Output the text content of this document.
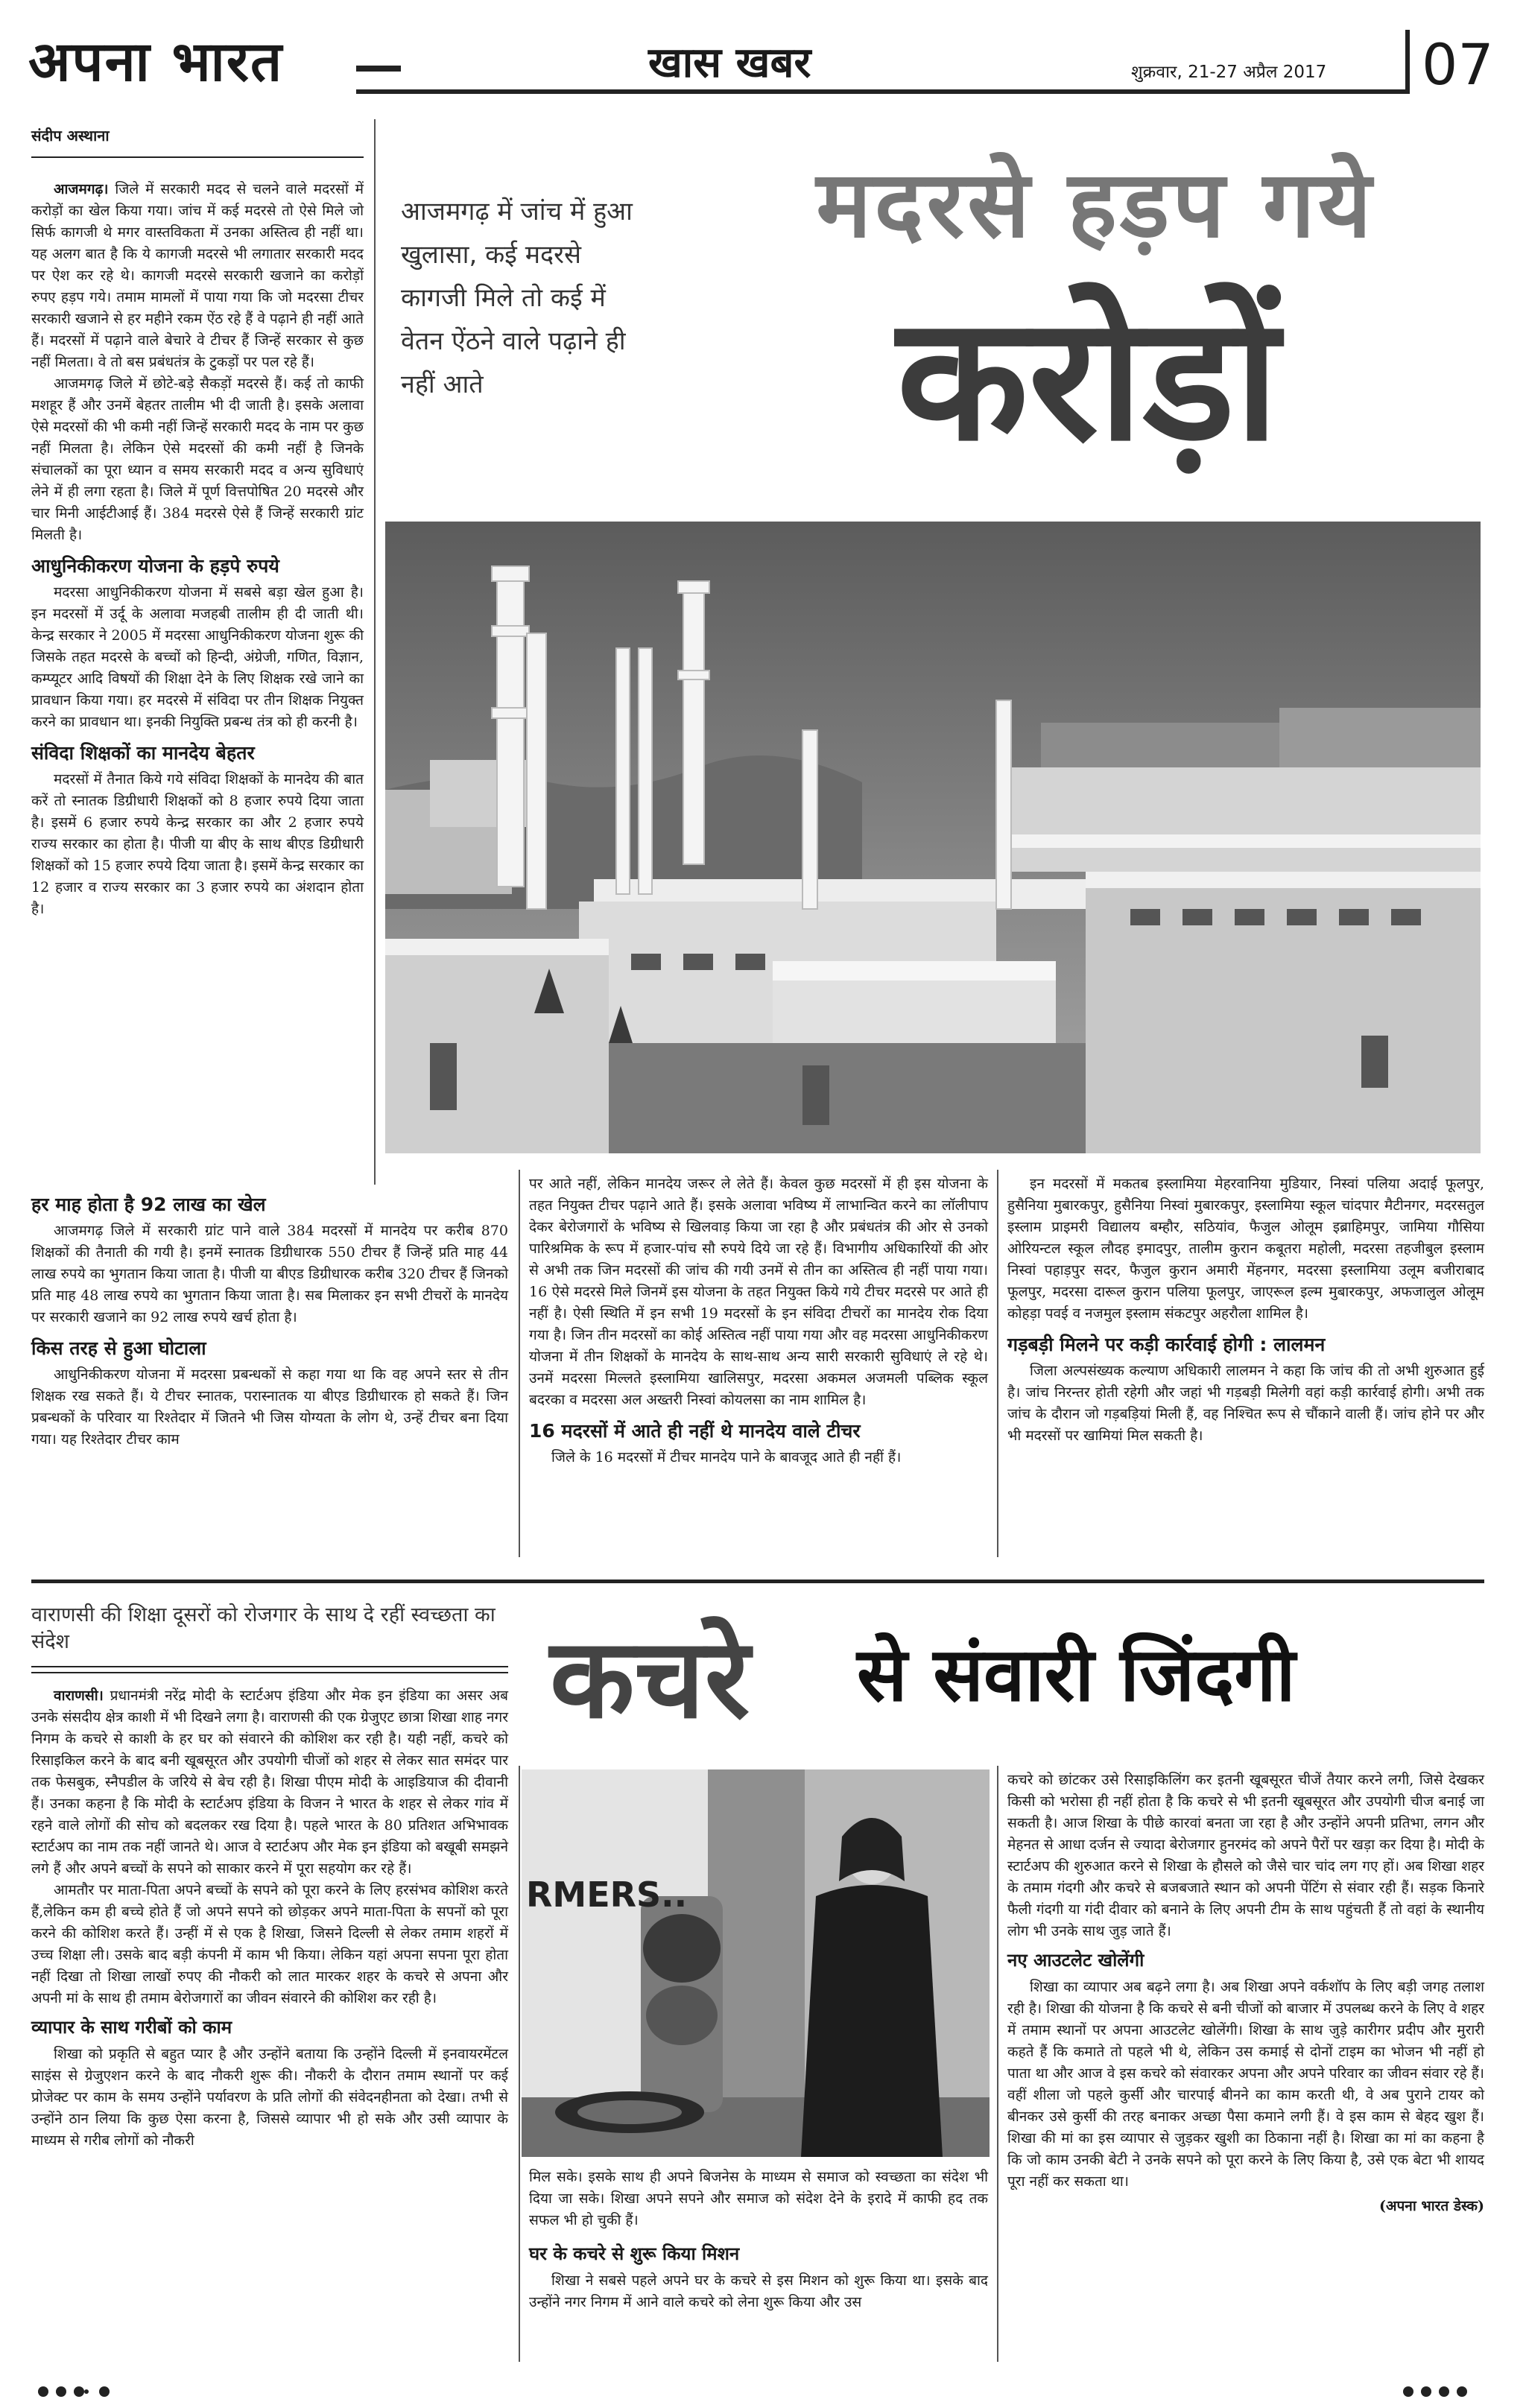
अपना भारत	खास खबर	शुक्रवार, 21-27 अप्रैल 2017 07
संदीप अस्थाना
आजमगढ़ में जांच में हुआ खुलासा, कई मदरसे कागजी मिले तो कई में वेतन ऐंठने वाले पढ़ाने ही नहीं आते
मदरसे हड़प गये
करोड़ों

आजमगढ़। जिले में सरकारी मदद से चलने वाले मदरसों में करोड़ों का खेल किया गया। जांच में कई मदरसे तो ऐसे मिले जो सिर्फ कागजी थे मगर वास्तविकता में उनका अस्तित्व ही नहीं था। यह अलग बात है कि ये कागजी मदरसे भी लगातार सरकारी मदद पर ऐश कर रहे थे। कागजी मदरसे सरकारी खजाने का करोड़ों रुपए हड़प गये। तमाम मामलों में पाया गया कि जो मदरसा टीचर सरकारी खजाने से हर महीने रकम ऐंठ रहे हैं वे पढ़ाने ही नहीं आते हैं। मदरसों में पढ़ाने वाले बेचारे वे टीचर हैं जिन्हें सरकार से कुछ नहीं मिलता। वे तो बस प्रबंधतंत्र के टुकड़ों पर पल रहे हैं।

आजमगढ़ जिले में छोटे-बड़े सैकड़ों मदरसे हैं। कई तो काफी मशहूर हैं और उनमें बेहतर तालीम भी दी जाती है। इसके अलावा ऐसे मदरसों की भी कमी नहीं जिन्हें सरकारी मदद के नाम पर कुछ नहीं मिलता है। लेकिन ऐसे मदरसों की कमी नहीं है जिनके संचालकों का पूरा ध्यान व समय सरकारी मदद व अन्य सुविधाएं लेने में ही लगा रहता है। जिले में पूर्ण वित्तपोषित 20 मदरसे और चार मिनी आईटीआई हैं। 384 मदरसे ऐसे हैं जिन्हें सरकारी ग्रांट मिलती है।

आधुनिकीकरण योजना के हड़पे रुपये

मदरसा आधुनिकीकरण योजना में सबसे बड़ा खेल हुआ है। इन मदरसों में उर्दू के अलावा मजहबी तालीम ही दी जाती थी। केन्द्र सरकार ने 2005 में मदरसा आधुनिकीकरण योजना शुरू की जिसके तहत मदरसे के बच्चों को हिन्दी, अंग्रेजी, गणित, विज्ञान, कम्प्यूटर आदि विषयों की शिक्षा देने के लिए शिक्षक रखे जाने का प्रावधान किया गया। हर मदरसे में संविदा पर तीन शिक्षक नियुक्त करने का प्रावधान था। इनकी नियुक्ति प्रबन्ध तंत्र को ही करनी है।

संविदा शिक्षकों का मानदेय बेहतर

मदरसों में तैनात किये गये संविदा शिक्षकों के मानदेय की बात करें तो स्नातक डिग्रीधारी शिक्षकों को 8 हजार रुपये दिया जाता है। इसमें 6 हजार रुपये केन्द्र सरकार का और 2 हजार रुपये राज्य सरकार का होता है। पीजी या बीए के साथ बीएड डिग्रीधारी शिक्षकों को 15 हजार रुपये दिया जाता है। इसमें केन्द्र सरकार का 12 हजार व राज्य सरकार का 3 हजार रुपये का अंशदान होता है।

हर माह होता है 92 लाख का खेल

आजमगढ़ जिले में सरकारी ग्रांट पाने वाले 384 मदरसों में मानदेय पर करीब 870 शिक्षकों की तैनाती की गयी है। इनमें स्नातक डिग्रीधारक 550 टीचर हैं जिन्हें प्रति माह 44 लाख रुपये का भुगतान किया जाता है। पीजी या बीएड डिग्रीधारक करीब 320 टीचर हैं जिनको प्रति माह 48 लाख रुपये का भुगतान किया जाता है। सब मिलाकर इन सभी टीचरों के मानदेय पर सरकारी खजाने का 92 लाख रुपये खर्च होता है।

किस तरह से हुआ घोटाला

आधुनिकीकरण योजना में मदरसा प्रबन्धकों से कहा गया था कि वह अपने स्तर से तीन शिक्षक रख सकते हैं। ये टीचर स्नातक, परास्नातक या बीएड डिग्रीधारक हो सकते हैं। जिन प्रबन्धकों के परिवार या रिश्तेदार में जितने भी जिस योग्यता के लोग थे, उन्हें टीचर बना दिया गया। यह रिश्तेदार टीचर काम

पर आते नहीं, लेकिन मानदेय जरूर ले लेते हैं। केवल कुछ मदरसों में ही इस योजना के तहत नियुक्त टीचर पढ़ाने आते हैं। इसके अलावा भविष्य में लाभान्वित करने का लॉलीपाप देकर बेरोजगारों के भविष्य से खिलवाड़ किया जा रहा है और प्रबंधतंत्र की ओर से उनको पारिश्रमिक के रूप में हजार-पांच सौ रुपये दिये जा रहे हैं। विभागीय अधिकारियों की ओर से अभी तक जिन मदरसों की जांच की गयी उनमें से तीन का अस्तित्व ही नहीं पाया गया। 16 ऐसे मदरसे मिले जिनमें इस योजना के तहत नियुक्त किये गये टीचर मदरसे पर आते ही नहीं है। ऐसी स्थिति में इन सभी 19 मदरसों के इन संविदा टीचरों का मानदेय रोक दिया गया है। जिन तीन मदरसों का कोई अस्तित्व नहीं पाया गया और वह मदरसा आधुनिकीकरण योजना में तीन शिक्षकों के मानदेय के साथ-साथ अन्य सारी सरकारी सुविधाएं ले रहे थे। उनमें मदरसा मिल्लते इस्लामिया खालिसपुर, मदरसा अकमल अजमली पब्लिक स्कूल बदरका व मदरसा अल अख्तरी निस्वां कोयलसा का नाम शामिल है।

16 मदरसों में आते ही नहीं थे मानदेय वाले टीचर

जिले के 16 मदरसों में टीचर मानदेय पाने के बावजूद आते ही नहीं हैं।

इन मदरसों में मकतब इस्लामिया मेहरवानिया मुडियार, निस्वां पलिया अदाई फूलपुर, हुसैनिया मुबारकपुर, हुसैनिया निस्वां मुबारकपुर, इस्लामिया स्कूल चांदपार मैटीनगर, मदरसतुल इस्लाम प्राइमरी विद्यालय बम्हौर, सठियांव, फैजुल ओलूम इब्राहिमपुर, जामिया गौसिया ओरियन्टल स्कूल लौदह इमादपुर, तालीम कुरान कबूतरा महोली, मदरसा तहजीबुल इस्लाम निस्वां पहाड़पुर सदर, फैजुल कुरान अमारी मेंहनगर, मदरसा इस्लामिया उलूम बजीराबाद फूलपुर, मदरसा दारूल कुरान पलिया फूलपुर, जाएरूल इल्म मुबारकपुर, अफजालुल ओलूम कोहड़ा पवई व नजमुल इस्लाम संकटपुर अहरौला शामिल है।

गड़बड़ी मिलने पर कड़ी कार्रवाई होगी : लालमन

जिला अल्पसंख्यक कल्याण अधिकारी लालमन ने कहा कि जांच की तो अभी शुरुआत हुई है। जांच निरन्तर होती रहेगी और जहां भी गड़बड़ी मिलेगी वहां कड़ी कार्रवाई होगी। अभी तक जांच के दौरान जो गड़बड़ियां मिली हैं, वह निश्चित रूप से चौंकाने वाली हैं। जांच होने पर और भी मदरसों पर खामियां मिल सकती है।

वाराणसी की शिक्षा दूसरों को रोजगार के साथ दे रहीं स्वच्छता का संदेश	कचरे से संवारी जिंदगी

वाराणसी। प्रधानमंत्री नरेंद्र मोदी के स्टार्टअप इंडिया और मेक इन इंडिया का असर अब उनके संसदीय क्षेत्र काशी में भी दिखने लगा है। वाराणसी की एक ग्रेजुएट छात्रा शिखा शाह नगर निगम के कचरे से काशी के हर घर को संवारने की कोशिश कर रही है। यही नहीं, कचरे को रिसाइकिल करने के बाद बनी खूबसूरत और उपयोगी चीजों को शहर से लेकर सात समंदर पार तक फेसबुक, स्नैपडील के जरिये से बेच रही है। शिखा पीएम मोदी के आइडियाज की दीवानी हैं। उनका कहना है कि मोदी के स्टार्टअप इंडिया के विजन ने भारत के शहर से लेकर गांव में रहने वाले लोगों की सोच को बदलकर रख दिया है। पहले भारत के 80 प्रतिशत अभिभावक स्टार्टअप का नाम तक नहीं जानते थे। आज वे स्टार्टअप और मेक इन इंडिया को बखूबी समझने लगे हैं और अपने बच्चों के सपने को साकार करने में पूरा सहयोग कर रहे हैं।

आमतौर पर माता-पिता अपने बच्चों के सपने को पूरा करने के लिए हरसंभव कोशिश करते हैं,लेकिन कम ही बच्चे होते हैं जो अपने सपने को छोड़कर अपने माता-पिता के सपनों को पूरा करने की कोशिश करते हैं। उन्हीं में से एक है शिखा, जिसने दिल्ली से लेकर तमाम शहरों में उच्च शिक्षा ली। उसके बाद बड़ी कंपनी में काम भी किया। लेकिन यहां अपना सपना पूरा होता नहीं दिखा तो शिखा लाखों रुपए की नौकरी को लात मारकर शहर के कचरे से अपना और अपनी मां के साथ ही तमाम बेरोजगारों का जीवन संवारने की कोशिश कर रही है।

व्यापार के साथ गरीबों को काम

शिखा को प्रकृति से बहुत प्यार है और उन्होंने बताया कि उन्होंने दिल्ली में इनवायरमेंटल साइंस से ग्रेजुएशन करने के बाद नौकरी शुरू की। नौकरी के दौरान तमाम स्थानों पर कई प्रोजेक्ट पर काम के समय उन्होंने पर्यावरण के प्रति लोगों की संवेदनहीनता को देखा। तभी से उन्होंने ठान लिया कि कुछ ऐसा करना है, जिससे व्यापार भी हो सके और उसी व्यापार के माध्यम से गरीब लोगों को नौकरी

RMERS..

मिल सके। इसके साथ ही अपने बिजनेस के माध्यम से समाज को स्वच्छता का संदेश भी दिया जा सके। शिखा अपने सपने और समाज को संदेश देने के इरादे में काफी हद तक सफल भी हो चुकी हैं।

घर के कचरे से शुरू किया मिशन

शिखा ने सबसे पहले अपने घर के कचरे से इस मिशन को शुरू किया था। इसके बाद उन्होंने नगर निगम में आने वाले कचरे को लेना शुरू किया और उस

कचरे को छांटकर उसे रिसाइकिलिंग कर इतनी खूबसूरत चीजें तैयार करने लगी, जिसे देखकर किसी को भरोसा ही नहीं होता है कि कचरे से भी इतनी खूबसूरत और उपयोगी चीज बनाई जा सकती है। आज शिखा के पीछे कारवां बनता जा रहा है और उन्होंने अपनी प्रतिभा, लगन और मेहनत से आधा दर्जन से ज्यादा बेरोजगार हुनरमंद को अपने पैरों पर खड़ा कर दिया है। मोदी के स्टार्टअप की शुरुआत करने से शिखा के हौसले को जैसे चार चांद लग गए हों। अब शिखा शहर के तमाम गंदगी और कचरे से बजबजाते स्थान को अपनी पेंटिंग से संवार रही हैं। सड़क किनारे फैली गंदगी या गंदी दीवार को बनाने के लिए अपनी टीम के साथ पहुंचती हैं तो वहां के स्थानीय लोग भी उनके साथ जुड़ जाते हैं।

नए आउटलेट खोलेंगी

शिखा का व्यापार अब बढ़ने लगा है। अब शिखा अपने वर्कशॉप के लिए बड़ी जगह तलाश रही है। शिखा की योजना है कि कचरे से बनी चीजों को बाजार में उपलब्ध करने के लिए वे शहर में तमाम स्थानों पर अपना आउटलेट खोलेंगी। शिखा के साथ जुड़े कारीगर प्रदीप और मुरारी कहते हैं कि कमाते तो पहले भी थे, लेकिन उस कमाई से दोनों टाइम का भोजन भी नहीं हो पाता था और आज वे इस कचरे को संवारकर अपना और अपने परिवार का जीवन संवार रहे हैं। वहीं शीला जो पहले कुर्सी और चारपाई बीनने का काम करती थी, वे अब पुराने टायर को बीनकर उसे कुर्सी की तरह बनाकर अच्छा पैसा कमाने लगी हैं। वे इस काम से बेहद खुश हैं। शिखा की मां का इस व्यापार से जुड़कर खुशी का ठिकाना नहीं है। शिखा का मां का कहना है कि जो काम उनकी बेटी ने उनके सपने को पूरा करने के लिए किया है, उसे एक बेटा भी शायद पूरा नहीं कर सकता था।

(अपना भारत डेस्क)
